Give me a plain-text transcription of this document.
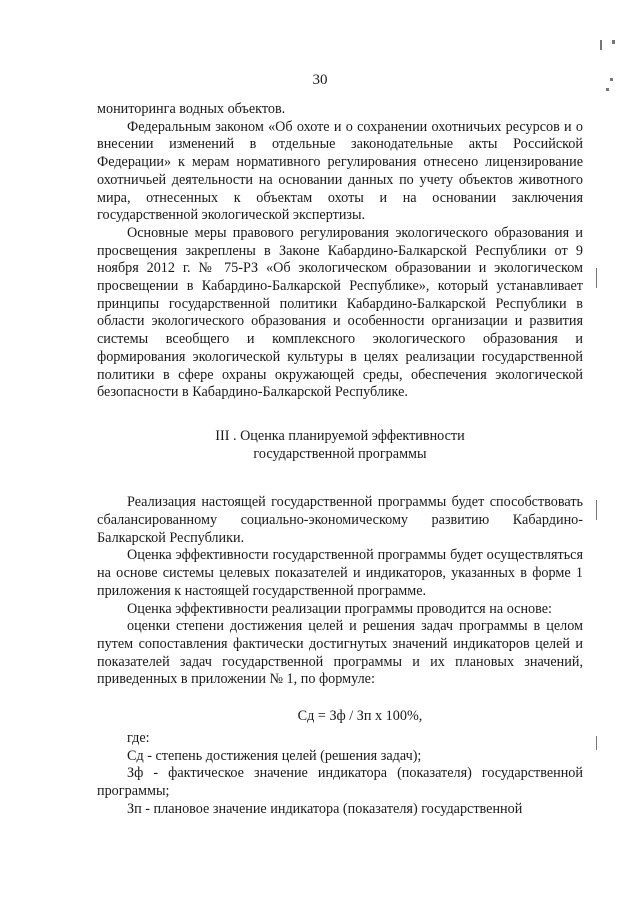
30

мониторинга водных объектов.

Федеральным законом «Об охоте и о сохранении охотничьих ресурсов и о внесении изменений в отдельные законодательные акты Российской Федерации» к мерам нормативного регулирования отнесено лицензирование охотничьей деятельности на основании данных по учету объектов животного мира, отнесенных к объектам охоты и на основании заключения государственной экологической экспертизы.

Основные меры правового регулирования экологического образования и просвещения закреплены в Законе Кабардино-Балкарской Республики от 9 ноября 2012 г. № 75-РЗ «Об экологическом образовании и экологическом просвещении в Кабардино-Балкарской Республике», который устанавливает принципы государственной политики Кабардино-Балкарской Республики в области экологического образования и особенности организации и развития системы всеобщего и комплексного экологического образования и формирования экологической культуры в целях реализации государственной политики в сфере охраны окружающей среды, обеспечения экологической безопасности в Кабардино-Балкарской Республике.

III . Оценка планируемой эффективности
государственной программы

Реализация настоящей государственной программы будет способствовать сбалансированному социально-экономическому развитию Кабардино-Балкарской Республики.

Оценка эффективности государственной программы будет осуществляться на основе системы целевых показателей и индикаторов, указанных в форме 1 приложения к настоящей государственной программе.

Оценка эффективности реализации программы проводится на основе:

оценки степени достижения целей и решения задач программы в целом путем сопоставления фактически достигнутых значений индикаторов целей и показателей задач государственной программы и их плановых значений, приведенных в приложении № 1, по формуле:

Сд = Зф / Зп х 100%,

где:

Сд - степень достижения целей (решения задач);

Зф - фактическое значение индикатора (показателя) государственной программы;

Зп - плановое значение индикатора (показателя) государственной
